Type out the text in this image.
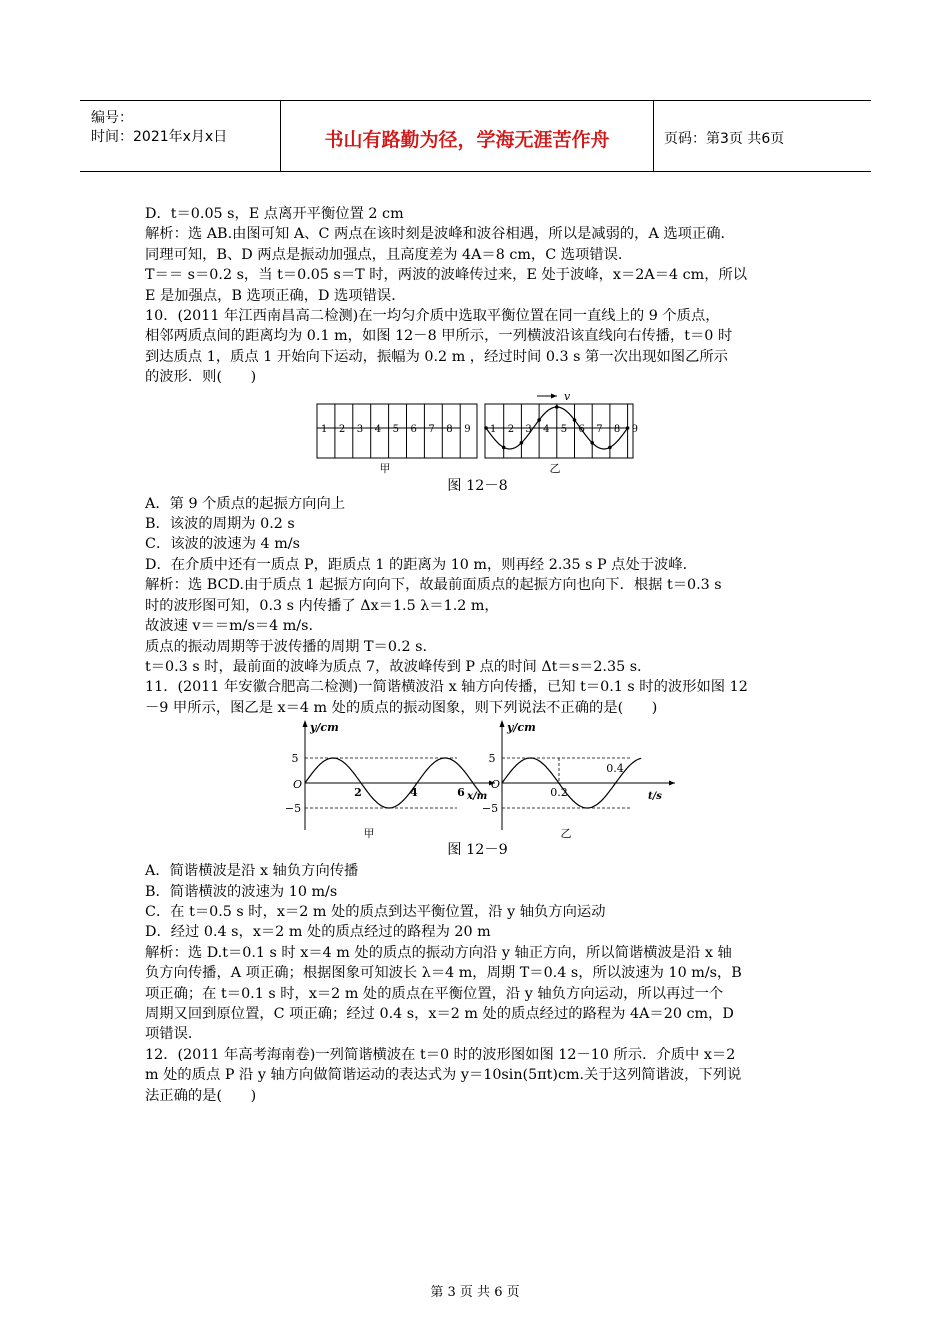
编号：
时间：2021年x月x日	书山有路勤为径，学海无涯苦作舟	页码：第3页 共6页

D．t＝0.05 s，E 点离开平衡位置 2 cm

解析：选 AB.由图可知 A、C 两点在该时刻是波峰和波谷相遇，所以是减弱的，A 选项正确．

同理可知，B、D 两点是振动加强点，且高度差为 4A＝8 cm，C 选项错误．

T＝＝ s＝0.2 s，当 t＝0.05 s＝T 时，两波的波峰传过来，E 处于波峰，x＝2A＝4 cm，所以

E 是加强点，B 选项正确，D 选项错误．

10．(2011 年江西南昌高二检测)在一均匀介质中选取平衡位置在同一直线上的 9 个质点，

相邻两质点间的距离均为 0.1 m，如图 12－8 甲所示，一列横波沿该直线向右传播，t＝0 时

到达质点 1，质点 1 开始向下运动，振幅为 0.2 m ，经过时间 0.3 s 第一次出现如图乙所示

的波形．则(　　)

1 2 3 4 5 6 7 8 9
甲
1 2 3 4 5 6 7 8 9
v
乙
图 12－8

A．第 9 个质点的起振方向向上

B．该波的周期为 0.2 s

C．该波的波速为 4 m/s

D．在介质中还有一质点 P，距质点 1 的距离为 10 m，则再经 2.35 s P 点处于波峰．

解析：选 BCD.由于质点 1 起振方向向下，故最前面质点的起振方向也向下．根据 t＝0.3 s

时的波形图可知，0.3 s 内传播了 Δx＝1.5 λ＝1.2 m，

故波速 v＝＝m/s＝4 m/s.

质点的振动周期等于波传播的周期 T＝0.2 s.

t＝0.3 s 时，最前面的波峰为质点 7，故波峰传到 P 点的时间 Δt＝s＝2.35 s.

11．(2011 年安徽合肥高二检测)一简谐横波沿 x 轴方向传播，已知 t＝0.1 s 时的波形如图 12

－9 甲所示，图乙是 x＝4 m 处的质点的振动图象，则下列说法不正确的是(　　)

y/cm
O
5
−5
2	4	6 x/m
甲
y/cm
O
5
−5
0.2
0.4
t/s
乙
图 12－9

A．简谐横波是沿 x 轴负方向传播

B．简谐横波的波速为 10 m/s

C．在 t＝0.5 s 时，x＝2 m 处的质点到达平衡位置，沿 y 轴负方向运动

D．经过 0.4 s，x＝2 m 处的质点经过的路程为 20 m

解析：选 D.t＝0.1 s 时 x＝4 m 处的质点的振动方向沿 y 轴正方向，所以简谐横波是沿 x 轴

负方向传播，A 项正确；根据图象可知波长 λ＝4 m，周期 T＝0.4 s，所以波速为 10 m/s，B

项正确；在 t＝0.1 s 时，x＝2 m 处的质点在平衡位置，沿 y 轴负方向运动，所以再过一个

周期又回到原位置，C 项正确；经过 0.4 s，x＝2 m 处的质点经过的路程为 4A＝20 cm，D

项错误．

12．(2011 年高考海南卷)一列简谐横波在 t＝0 时的波形图如图 12－10 所示．介质中 x＝2

m 处的质点 P 沿 y 轴方向做简谐运动的表达式为 y＝10sin(5πt)cm.关于这列简谐波，下列说

法正确的是(　　)

第 3 页 共 6 页
